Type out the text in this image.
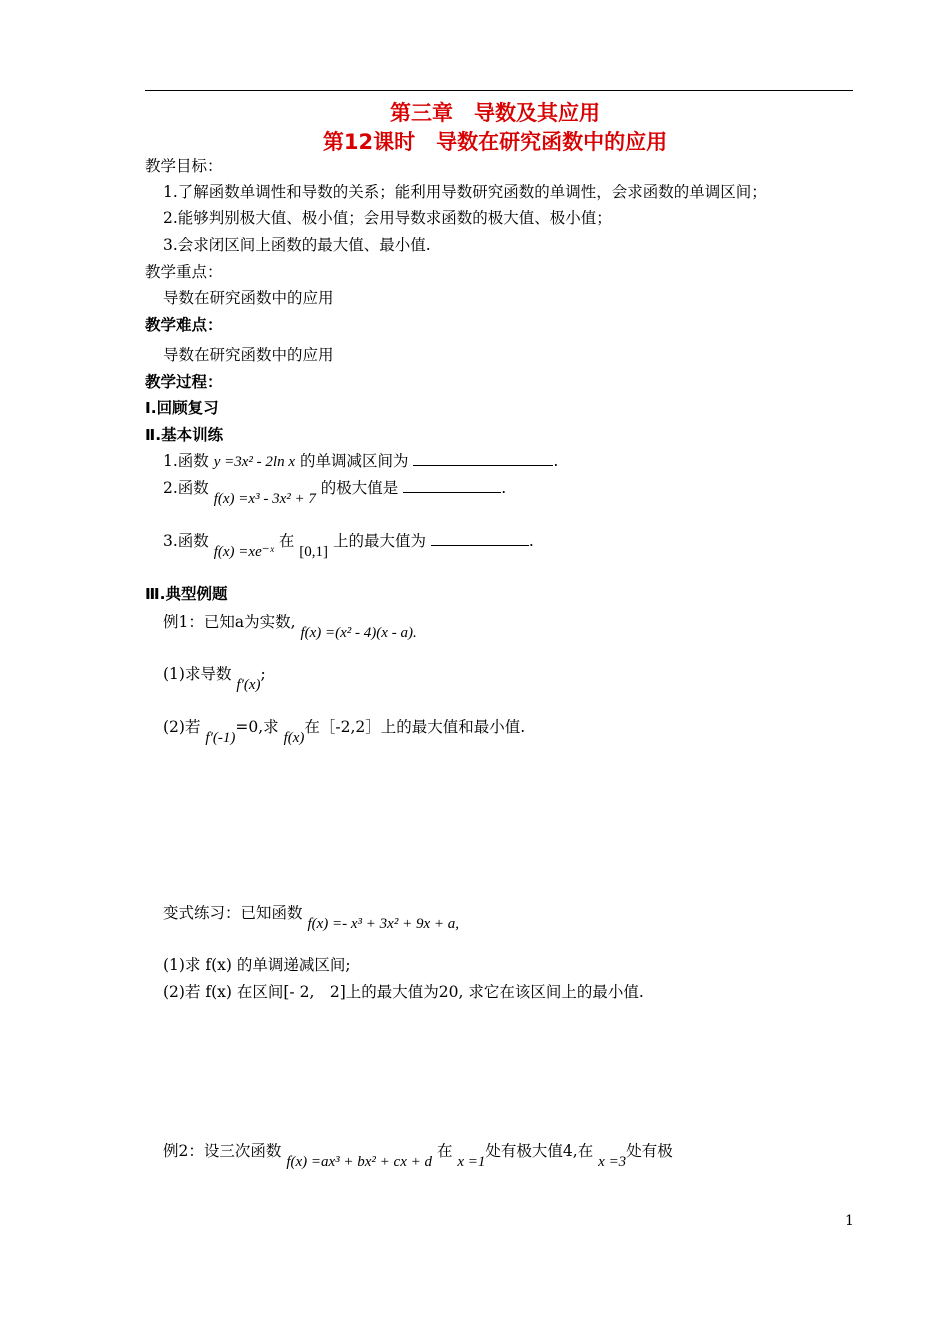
第三章　导数及其应用
第12课时　导数在研究函数中的应用
教学目标：
1.了解函数单调性和导数的关系；能利用导数研究函数的单调性，会求函数的单调区间；
2.能够判别极大值、极小值；会用导数求函数的极大值、极小值；
3.会求闭区间上函数的最大值、最小值.
教学重点：
导数在研究函数中的应用
教学难点：
导数在研究函数中的应用
教学过程：
Ⅰ.回顾复习
Ⅱ.基本训练
1.函数 y =3x² - 2ln x 的单调减区间为	.
2.函数 f(x) =x³ - 3x² + 7 的极大值是	.
3.函数 f(x) =xe⁻ˣ 在 [0,1] 上的最大值为	.
Ⅲ.典型例题
例1：已知a为实数, f(x) =(x² - 4)(x - a).
(1)求导数 f′(x);
(2)若 f′(-1)=0,求 f(x)在［-2,2］上的最大值和最小值.
变式练习：已知函数 f(x) =- x³ + 3x² + 9x + a,
(1)求 f(x) 的单调递减区间;
(2)若 f(x) 在区间[- 2,　2]上的最大值为20, 求它在该区间上的最小值.
例2：设三次函数 f(x) =ax³ + bx² + cx + d 在 x =1处有极大值4,在 x =3处有极
1
